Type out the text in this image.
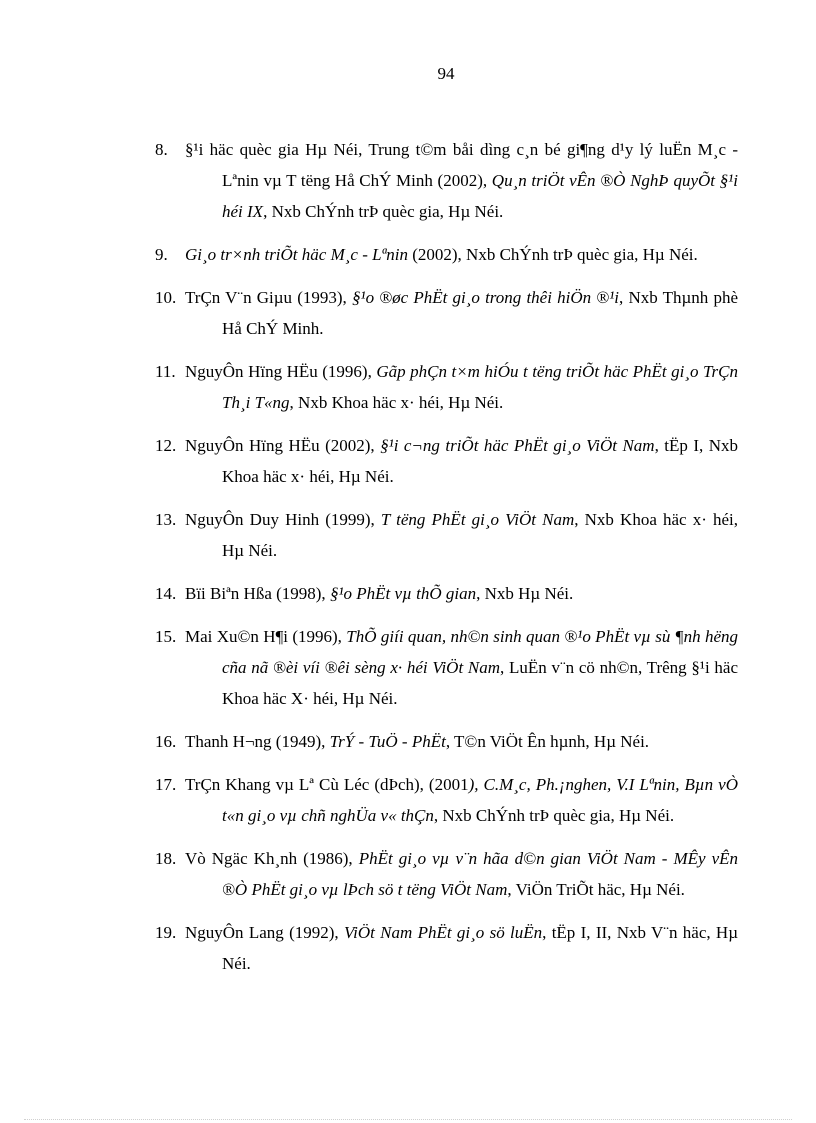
94
8. §¹i häc quèc gia Hµ Néi, Trung t©m båi dìng c¸n bé gi¶ng d¹y lý luËn M¸c - Lªnin vµ T tëng Hå ChÝ Minh (2002), Qu¸n triÖt vÊn ®Ò NghÞ quyÕt §¹i héi IX, Nxb ChÝnh trÞ quèc gia, Hµ Néi.
9. Gi¸o tr×nh triÕt häc M¸c - Lªnin (2002), Nxb ChÝnh trÞ quèc gia, Hµ Néi.
10. TrÇn V¨n Giµu (1993), §¹o ®øc PhËt gi¸o trong thêi hiÖn ®¹i, Nxb Thµnh phè Hå ChÝ Minh.
11. NguyÔn Hïng HËu (1996), Gãp phÇn t×m hiÓu t tëng triÕt häc PhËt gi¸o TrÇn Th¸i T«ng, Nxb Khoa häc x· héi, Hµ Néi.
12. NguyÔn Hïng HËu (2002), §¹i c¬ng triÕt häc PhËt gi¸o ViÖt Nam, tËp I, Nxb Khoa häc x· héi, Hµ Néi.
13. NguyÔn Duy Hinh (1999), T tëng PhËt gi¸o ViÖt Nam, Nxb Khoa häc x· héi, Hµ Néi.
14. Bïi Biªn Hßa (1998), §¹o PhËt vµ thÕ gian, Nxb Hµ Néi.
15. Mai Xu©n H¶i (1996), ThÕ giíi quan, nh©n sinh quan ®¹o PhËt vµ sù ¶nh hëng cña nã ®èi víi ®êi sèng x· héi ViÖt Nam, LuËn v¨n cö nh©n, Trêng §¹i häc Khoa häc X· héi, Hµ Néi.
16. Thanh H¬ng (1949), TrÝ - TuÖ - PhËt, T©n ViÖt Ên hµnh, Hµ Néi.
17. TrÇn Khang vµ Lª Cù Léc (dÞch), (2001), C.M¸c, Ph.¡nghen, V.I Lªnin, Bµn vÒ t«n gi¸o vµ chñ nghÜa v« thÇn, Nxb ChÝnh trÞ quèc gia, Hµ Néi.
18. Vò Ngäc Kh¸nh (1986), PhËt gi¸o vµ v¨n hãa d©n gian ViÖt Nam - MÊy vÊn ®Ò PhËt gi¸o vµ lÞch sö t tëng ViÖt Nam, ViÖn TriÕt häc, Hµ Néi.
19. NguyÔn Lang (1992), ViÖt Nam PhËt gi¸o sö luËn, tËp I, II, Nxb V¨n häc, Hµ Néi.
